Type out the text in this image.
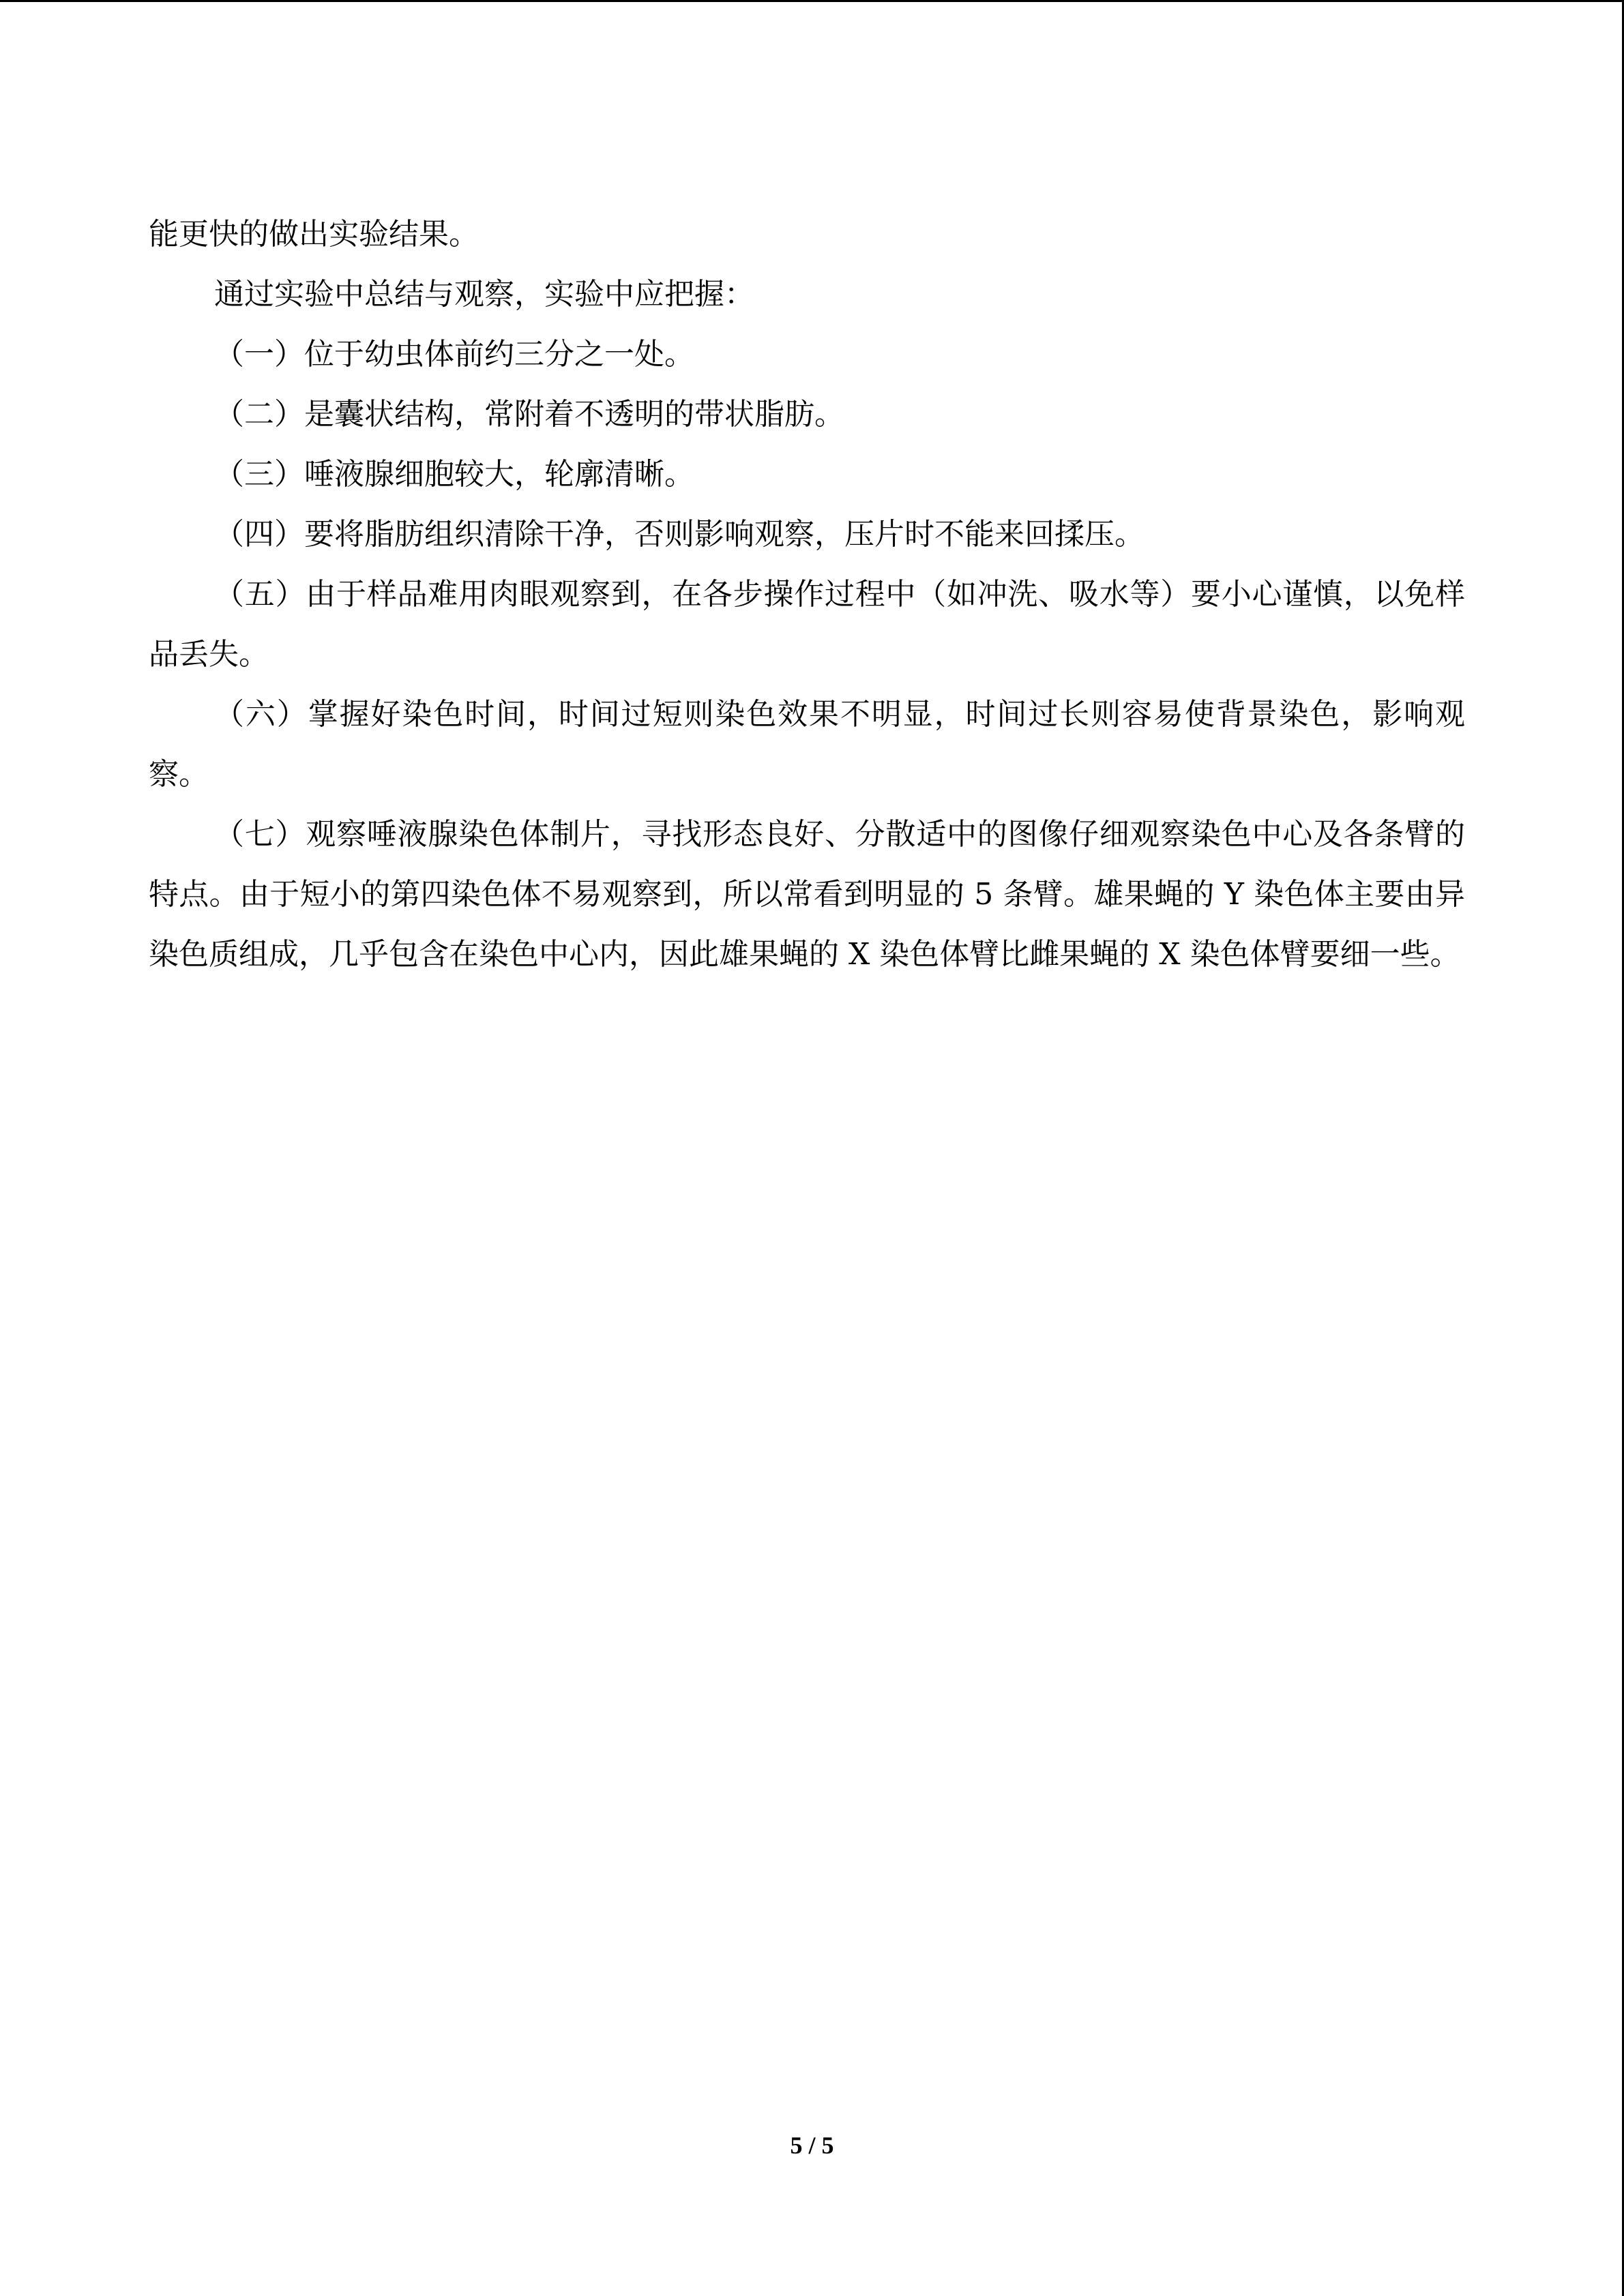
能更快的做出实验结果。

通过实验中总结与观察，实验中应把握：

（一）位于幼虫体前约三分之一处。

（二）是囊状结构，常附着不透明的带状脂肪。

（三）唾液腺细胞较大，轮廓清晰。

（四）要将脂肪组织清除干净，否则影响观察，压片时不能来回揉压。

（五）由于样品难用肉眼观察到，在各步操作过程中（如冲洗、吸水等）要小心谨慎，以免样品丢失。

（六）掌握好染色时间，时间过短则染色效果不明显，时间过长则容易使背景染色，影响观察。

（七）观察唾液腺染色体制片，寻找形态良好、分散适中的图像仔细观察染色中心及各条臂的特点。由于短小的第四染色体不易观察到，所以常看到明显的 5 条臂。雄果蝇的 Y 染色体主要由异染色质组成，几乎包含在染色中心内，因此雄果蝇的 X 染色体臂比雌果蝇的 X 染色体臂要细一些。

5 / 5
